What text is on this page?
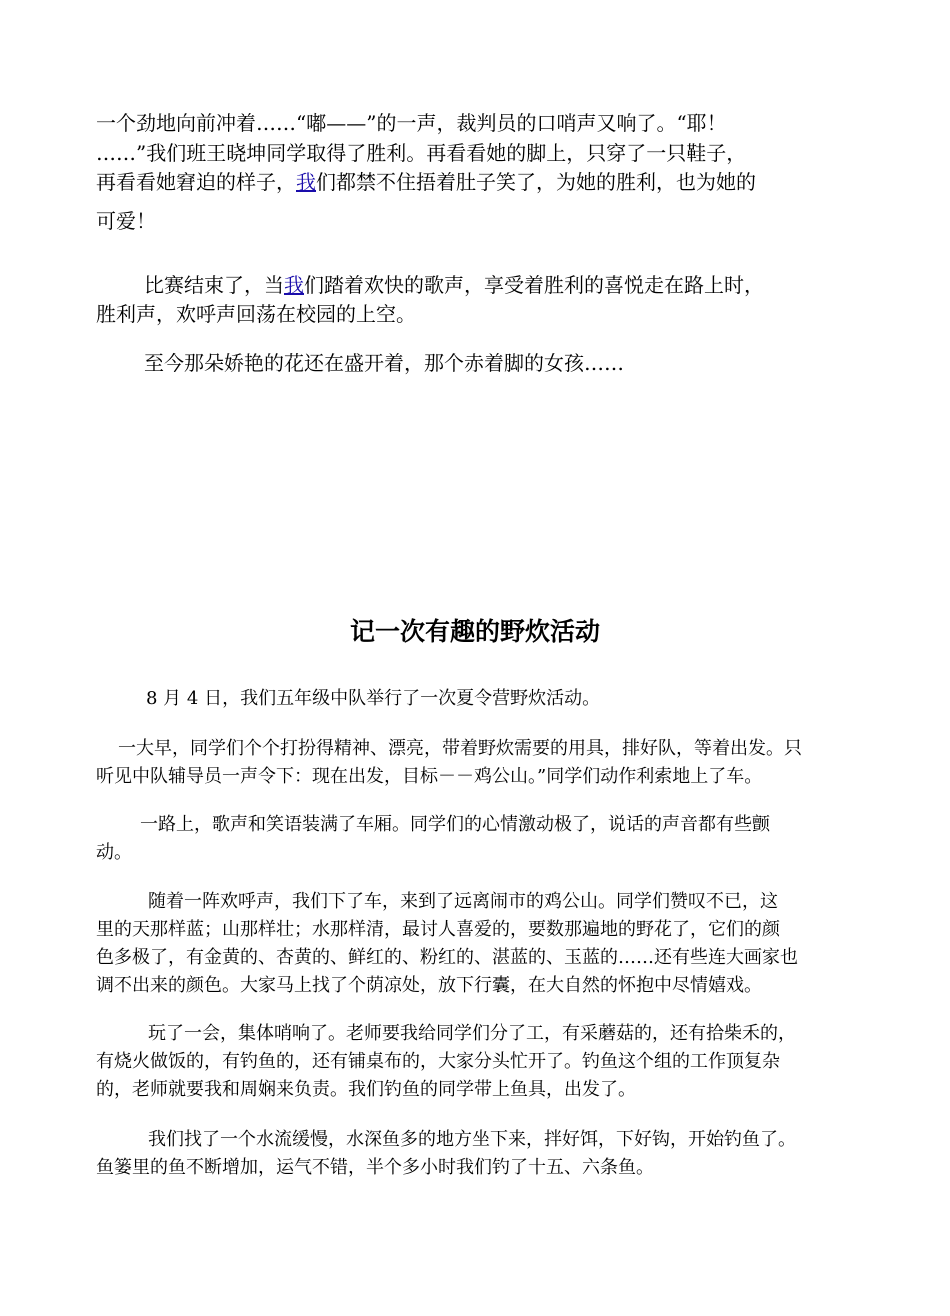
一个劲地向前冲着……“嘟——”的一声，裁判员的口哨声又响了。“耶！

……”我们班王晓坤同学取得了胜利。再看看她的脚上，只穿了一只鞋子，

再看看她窘迫的样子，我们都禁不住捂着肚子笑了，为她的胜利，也为她的

可爱！

比赛结束了，当我们踏着欢快的歌声，享受着胜利的喜悦走在路上时，

胜利声，欢呼声回荡在校园的上空。

至今那朵娇艳的花还在盛开着，那个赤着脚的女孩……

记一次有趣的野炊活动

8 月 4 日，我们五年级中队举行了一次夏令营野炊活动。

一大早，同学们个个打扮得精神、漂亮，带着野炊需要的用具，排好队，等着出发。只

听见中队辅导员一声令下：现在出发，目标－－鸡公山。”同学们动作利索地上了车。

一路上，歌声和笑语装满了车厢。同学们的心情激动极了，说话的声音都有些颤

动。

随着一阵欢呼声，我们下了车，来到了远离闹市的鸡公山。同学们赞叹不已，这

里的天那样蓝；山那样壮；水那样清，最讨人喜爱的，要数那遍地的野花了，它们的颜

色多极了，有金黄的、杏黄的、鲜红的、粉红的、湛蓝的、玉蓝的……还有些连大画家也

调不出来的颜色。大家马上找了个荫凉处，放下行囊，在大自然的怀抱中尽情嬉戏。

玩了一会，集体哨响了。老师要我给同学们分了工，有采蘑菇的，还有拾柴禾的，

有烧火做饭的，有钓鱼的，还有铺桌布的，大家分头忙开了。钓鱼这个组的工作顶复杂

的，老师就要我和周娴来负责。我们钓鱼的同学带上鱼具，出发了。

我们找了一个水流缓慢，水深鱼多的地方坐下来，拌好饵，下好钩，开始钓鱼了。

鱼篓里的鱼不断增加，运气不错，半个多小时我们钓了十五、六条鱼。
